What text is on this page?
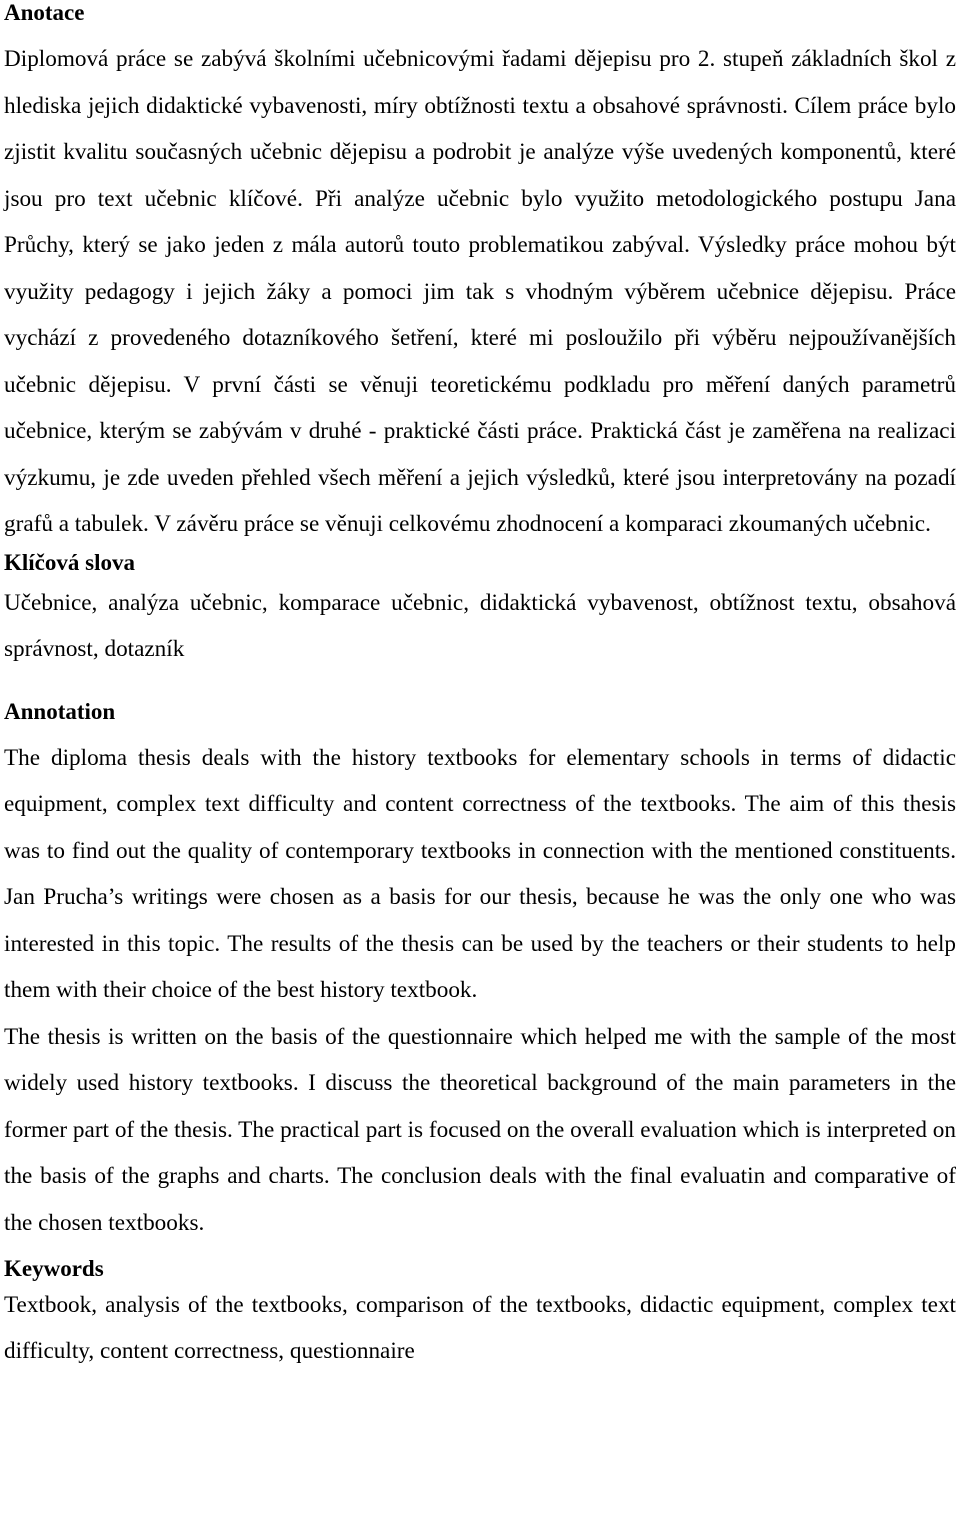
Anotace

Diplomová práce se zabývá školními učebnicovými řadami dějepisu pro 2. stupeň základních škol z hlediska jejich didaktické vybavenosti, míry obtížnosti textu a obsahové správnosti. Cílem práce bylo zjistit kvalitu současných učebnic dějepisu a podrobit je analýze výše uvedených komponentů, které jsou pro text učebnic klíčové. Při analýze učebnic bylo využito metodologického postupu Jana Průchy, který se jako jeden z mála autorů touto problematikou zabýval. Výsledky práce mohou být využity pedagogy i jejich žáky a pomoci jim tak s vhodným výběrem učebnice dějepisu. Práce vychází z provedeného dotazníkového šetření, které mi posloužilo při výběru nejpoužívanějších učebnic dějepisu. V první části se věnuji teoretickému podkladu pro měření daných parametrů učebnice, kterým se zabývám v druhé - praktické části práce. Praktická část je zaměřena na realizaci výzkumu, je zde uveden přehled všech měření a jejich výsledků, které jsou interpretovány na pozadí grafů a tabulek. V závěru práce se věnuji celkovému zhodnocení a komparaci zkoumaných učebnic.

Klíčová slova

Učebnice, analýza učebnic, komparace učebnic, didaktická vybavenost, obtížnost textu, obsahová správnost, dotazník

Annotation

The diploma thesis deals with the history textbooks for elementary schools in terms of didactic equipment, complex text difficulty and content correctness of the textbooks. The aim of this thesis was to find out the quality of contemporary textbooks in connection with the mentioned constituents. Jan Prucha’s writings were chosen as a basis for our thesis, because he was the only one who was interested in this topic. The results of the thesis can be used by the teachers or their students to help them with their choice of the best history textbook.

The thesis is written on the basis of the questionnaire which helped me with the sample of the most widely used history textbooks. I discuss the theoretical background of the main parameters in the former part of the thesis. The practical part is focused on the overall evaluation which is interpreted on the basis of the graphs and charts. The conclusion deals with the final evaluatin and comparative of the chosen textbooks.

Keywords

Textbook, analysis of the textbooks, comparison of the textbooks, didactic equipment, complex text difficulty, content correctness, questionnaire
